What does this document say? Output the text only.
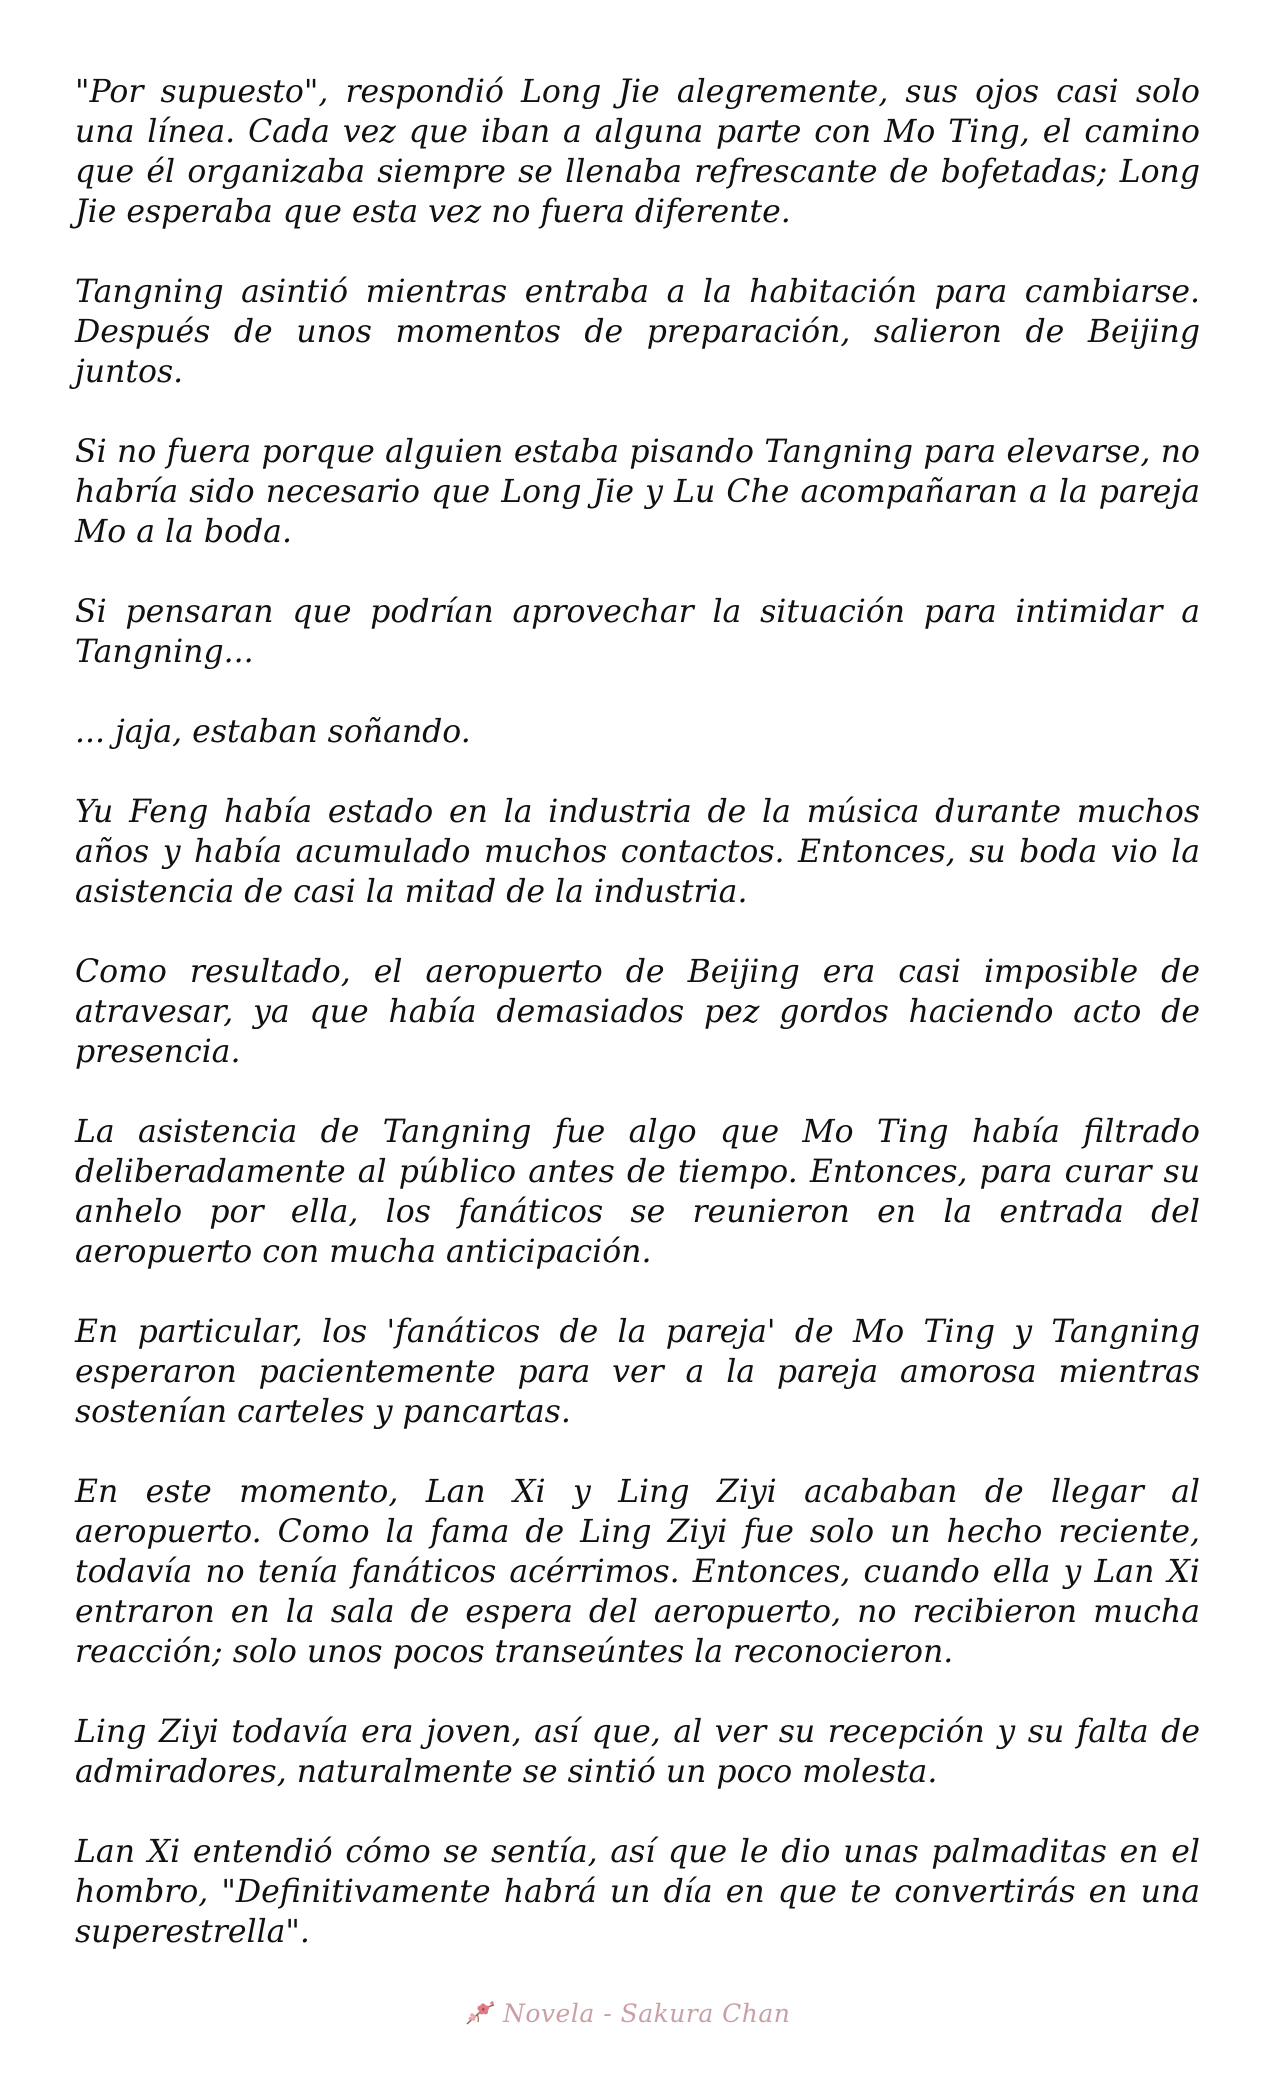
"Por supuesto", respondió Long Jie alegremente, sus ojos casi solo una línea. Cada vez que iban a alguna parte con Mo Ting, el camino que él organizaba siempre se llenaba refrescante de bofetadas; Long Jie esperaba que esta vez no fuera diferente.

Tangning asintió mientras entraba a la habitación para cambiarse. Después de unos momentos de preparación, salieron de Beijing juntos.

Si no fuera porque alguien estaba pisando Tangning para elevarse, no habría sido necesario que Long Jie y Lu Che acompañaran a la pareja Mo a la boda.

Si pensaran que podrían aprovechar la situación para intimidar a Tangning...

... jaja, estaban soñando.

Yu Feng había estado en la industria de la música durante muchos años y había acumulado muchos contactos. Entonces, su boda vio la asistencia de casi la mitad de la industria.

Como resultado, el aeropuerto de Beijing era casi imposible de atravesar, ya que había demasiados pez gordos haciendo acto de presencia.

La asistencia de Tangning fue algo que Mo Ting había filtrado deliberadamente al público antes de tiempo. Entonces, para curar su anhelo por ella, los fanáticos se reunieron en la entrada del aeropuerto con mucha anticipación.

En particular, los 'fanáticos de la pareja' de Mo Ting y Tangning esperaron pacientemente para ver a la pareja amorosa mientras sostenían carteles y pancartas.

En este momento, Lan Xi y Ling Ziyi acababan de llegar al aeropuerto. Como la fama de Ling Ziyi fue solo un hecho reciente, todavía no tenía fanáticos acérrimos. Entonces, cuando ella y Lan Xi entraron en la sala de espera del aeropuerto, no recibieron mucha reacción; solo unos pocos transeúntes la reconocieron.

Ling Ziyi todavía era joven, así que, al ver su recepción y su falta de admiradores, naturalmente se sintió un poco molesta.

Lan Xi entendió cómo se sentía, así que le dio unas palmaditas en el hombro, "Definitivamente habrá un día en que te convertirás en una superestrella".

Novela - Sakura Chan
